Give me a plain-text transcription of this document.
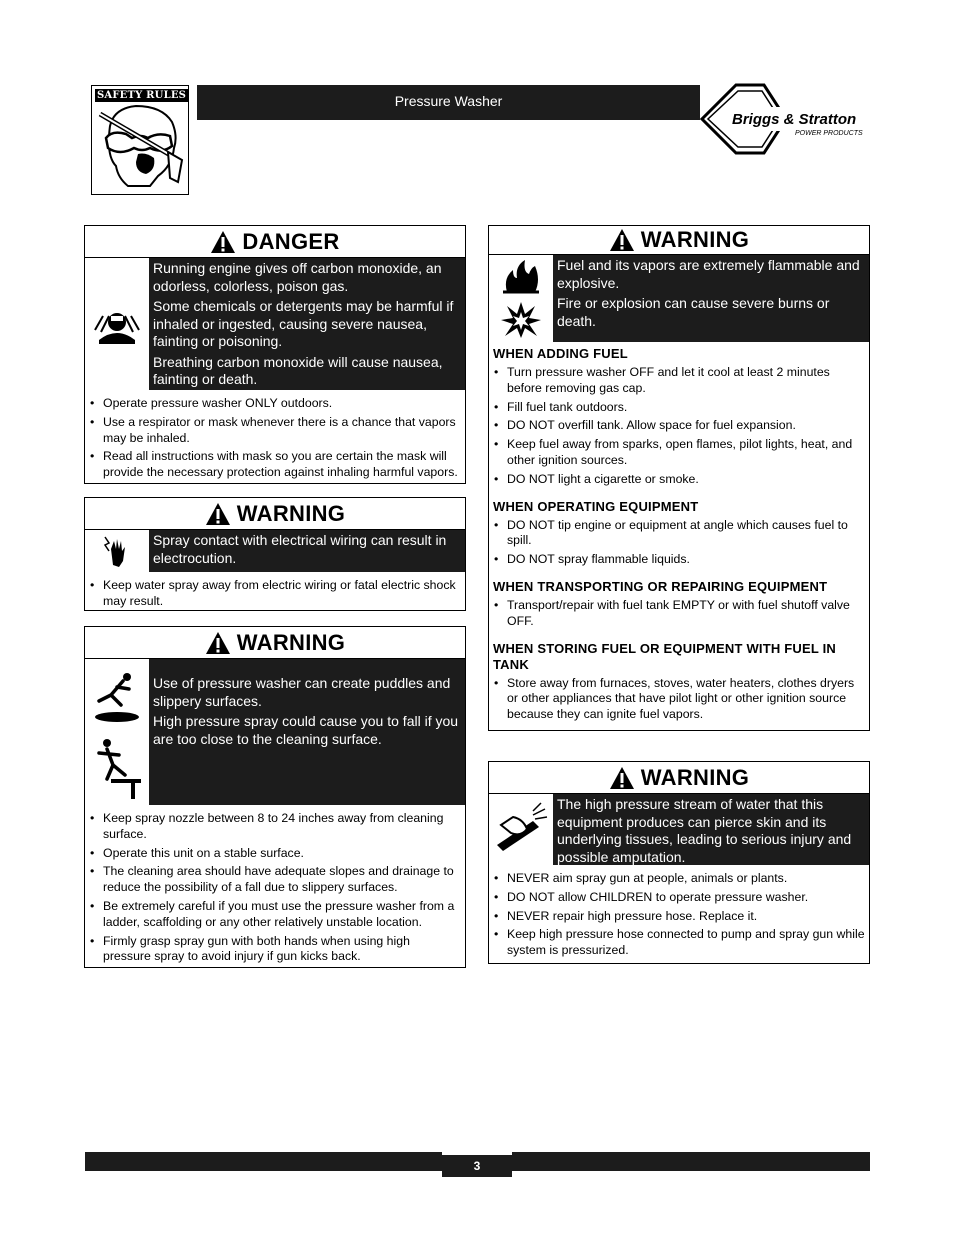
SAFETY RULES	Pressure Washer
Briggs & Stratton
POWER PRODUCTS
DANGER

Running engine gives off carbon monoxide, an odorless, colorless, poison gas.

Some chemicals or detergents may be harmful if inhaled or ingested, causing severe nausea, fainting or poisoning.

Breathing carbon monoxide will cause nausea, fainting or death.

• Operate pressure washer ONLY outdoors.
• Use a respirator or mask whenever there is a chance that vapors may be inhaled.
• Read all instructions with mask so you are certain the mask will provide the necessary protection against inhaling harmful vapors.
WARNING

Spray contact with electrical wiring can result in electrocution.

• Keep water spray away from electric wiring or fatal electric shock may result.
WARNING

Use of pressure washer can create puddles and slippery surfaces.

High pressure spray could cause you to fall if you are too close to the cleaning surface.

• Keep spray nozzle between 8 to 24 inches away from cleaning surface.
• Operate this unit on a stable surface.
• The cleaning area should have adequate slopes and drainage to reduce the possibility of a fall due to slippery surfaces.
• Be extremely careful if you must use the pressure washer from a ladder, scaffolding or any other relatively unstable location.
• Firmly grasp spray gun with both hands when using high pressure spray to avoid injury if gun kicks back.
WARNING

Fuel and its vapors are extremely flammable and explosive.

Fire or explosion can cause severe burns or death.

WHEN ADDING FUEL
• Turn pressure washer OFF and let it cool at least 2 minutes before removing gas cap.
• Fill fuel tank outdoors.
• DO NOT overfill tank. Allow space for fuel expansion.
• Keep fuel away from sparks, open flames, pilot lights, heat, and other ignition sources.
• DO NOT light a cigarette or smoke.
WHEN OPERATING EQUIPMENT
• DO NOT tip engine or equipment at angle which causes fuel to spill.
• DO NOT spray flammable liquids.
WHEN TRANSPORTING OR REPAIRING EQUIPMENT
• Transport/repair with fuel tank EMPTY or with fuel shutoff valve OFF.
WHEN STORING FUEL OR EQUIPMENT WITH FUEL IN TANK
• Store away from furnaces, stoves, water heaters, clothes dryers or other appliances that have pilot light or other ignition source because they can ignite fuel vapors.
WARNING

The high pressure stream of water that this equipment produces can pierce skin and its underlying tissues, leading to serious injury and possible amputation.

• NEVER aim spray gun at people, animals or plants.
• DO NOT allow CHILDREN to operate pressure washer.
• NEVER repair high pressure hose. Replace it.
• Keep high pressure hose connected to pump and spray gun while system is pressurized.
3
